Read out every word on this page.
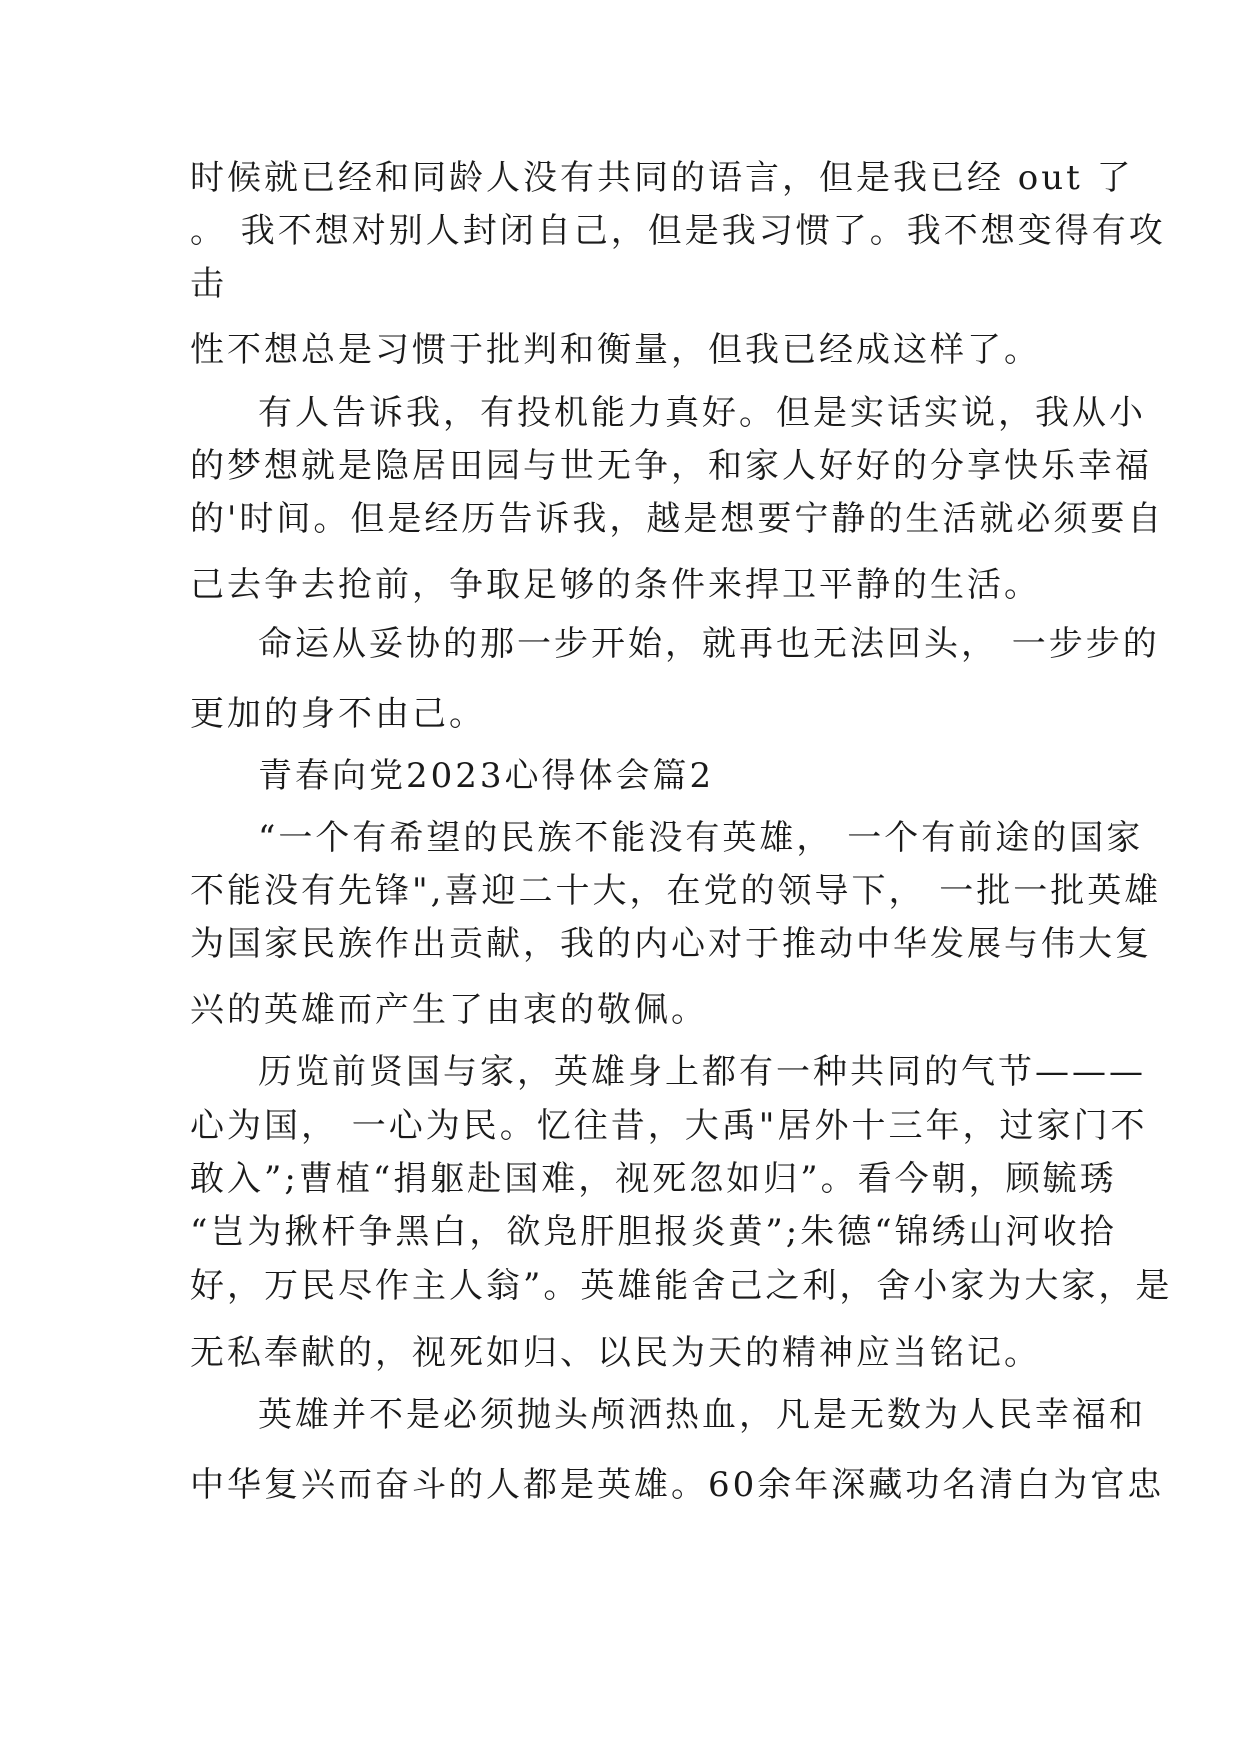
时候就已经和同龄人没有共同的语言，但是我已经 out 了
。 我不想对别人封闭自己，但是我习惯了。我不想变得有攻
击
性不想总是习惯于批判和衡量，但我已经成这样了。
有人告诉我，有投机能力真好。但是实话实说，我从小
的梦想就是隐居田园与世无争，和家人好好的分享快乐幸福
的'时间。但是经历告诉我，越是想要宁静的生活就必须要自
己去争去抢前，争取足够的条件来捍卫平静的生活。
命运从妥协的那一步开始，就再也无法回头， 一步步的
更加的身不由己。
青春向党2023心得体会篇2
“一个有希望的民族不能没有英雄， 一个有前途的国家
不能没有先锋",喜迎二十大，在党的领导下， 一批一批英雄
为国家民族作出贡献，我的内心对于推动中华发展与伟大复
兴的英雄而产生了由衷的敬佩。
历览前贤国与家，英雄身上都有一种共同的气节———
心为国， 一心为民。忆往昔，大禹"居外十三年，过家门不
敢入”;曹植“捐躯赴国难，视死忽如归”。看今朝，顾毓琇
“岂为揪杆争黑白，欲凫肝胆报炎黄”;朱德“锦绣山河收拾
好，万民尽作主人翁”。英雄能舍己之利，舍小家为大家，是
无私奉献的，视死如归、以民为天的精神应当铭记。
英雄并不是必须抛头颅洒热血，凡是无数为人民幸福和
中华复兴而奋斗的人都是英雄。60余年深藏功名清白为官忠
